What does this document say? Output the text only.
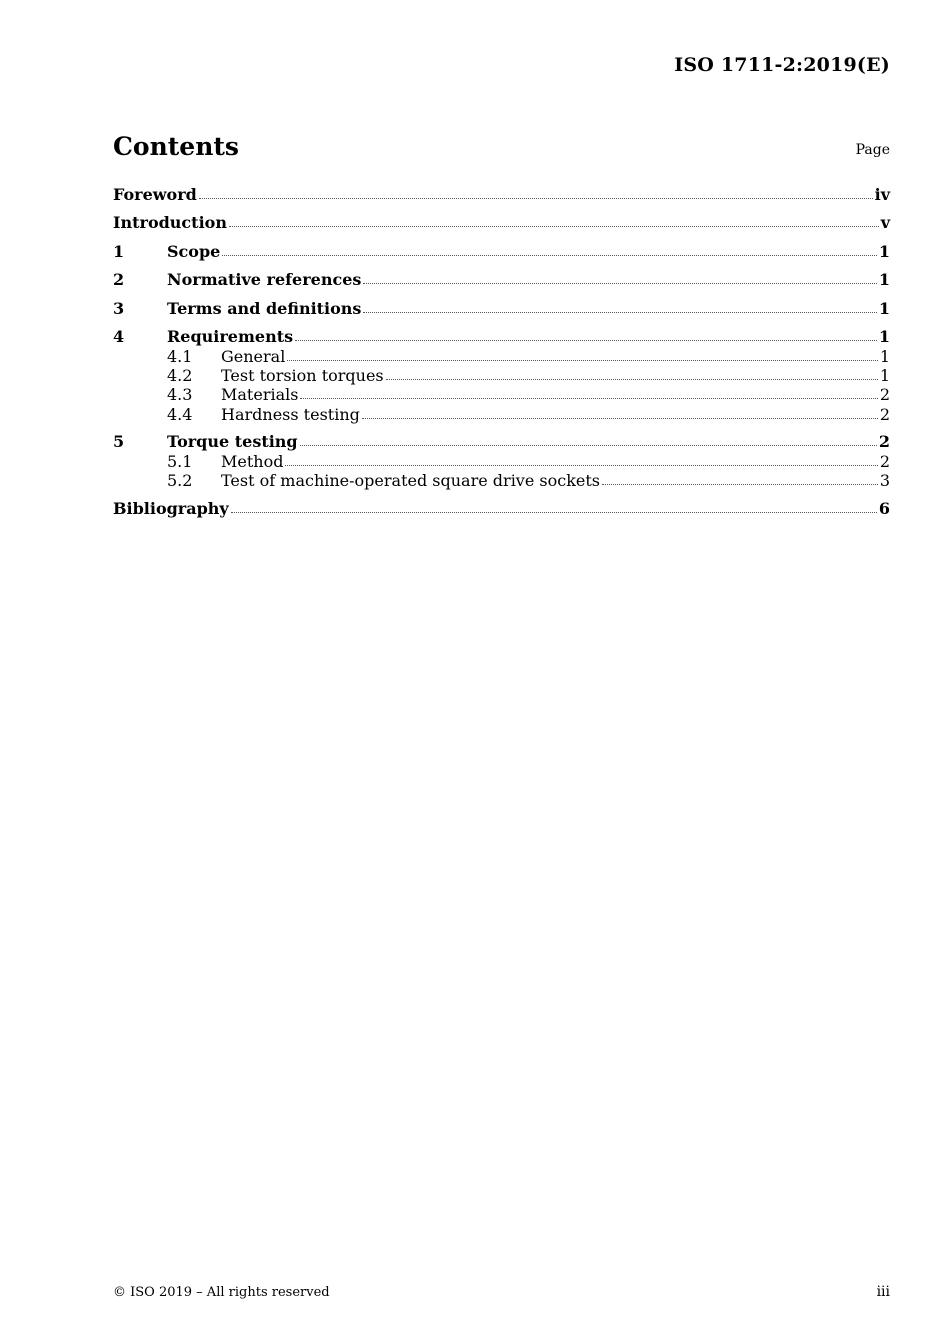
ISO 1711-2:2019(E)
Contents	Page
Foreword	iv
Introduction	v
1	Scope	1
2	Normative references	1
3	Terms and definitions	1
4	Requirements	1
4.1	General	1
4.2	Test torsion torques	1
4.3	Materials	2
4.4	Hardness testing	2
5	Torque testing	2
5.1	Method	2
5.2	Test of machine-operated square drive sockets	3
Bibliography	6
© ISO 2019 – All rights reserved	iii
